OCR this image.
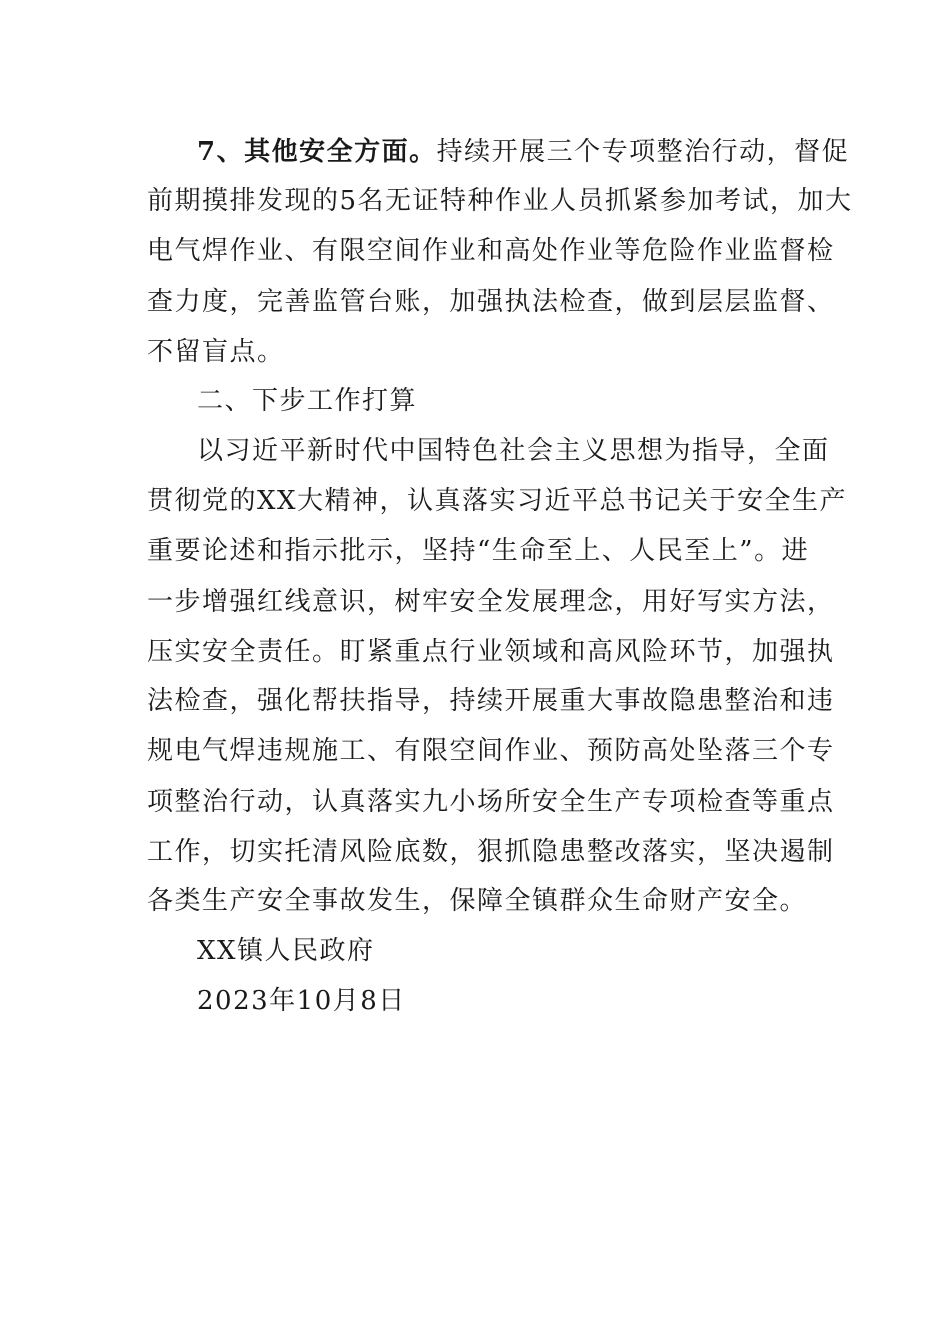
7、其他安全方面。持续开展三个专项整治行动，督促
前期摸排发现的5名无证特种作业人员抓紧参加考试，加大
电气焊作业、有限空间作业和高处作业等危险作业监督检
查力度，完善监管台账，加强执法检查，做到层层监督、
不留盲点。
二、下步工作打算
以习近平新时代中国特色社会主义思想为指导，全面
贯彻党的XX大精神，认真落实习近平总书记关于安全生产
重要论述和指示批示，坚持“生命至上、人民至上”。进
一步增强红线意识，树牢安全发展理念，用好写实方法，
压实安全责任。盯紧重点行业领域和高风险环节，加强执
法检查，强化帮扶指导，持续开展重大事故隐患整治和违
规电气焊违规施工、有限空间作业、预防高处坠落三个专
项整治行动，认真落实九小场所安全生产专项检查等重点
工作，切实托清风险底数，狠抓隐患整改落实，坚决遏制
各类生产安全事故发生，保障全镇群众生命财产安全。
XX镇人民政府
2023年10月8日
